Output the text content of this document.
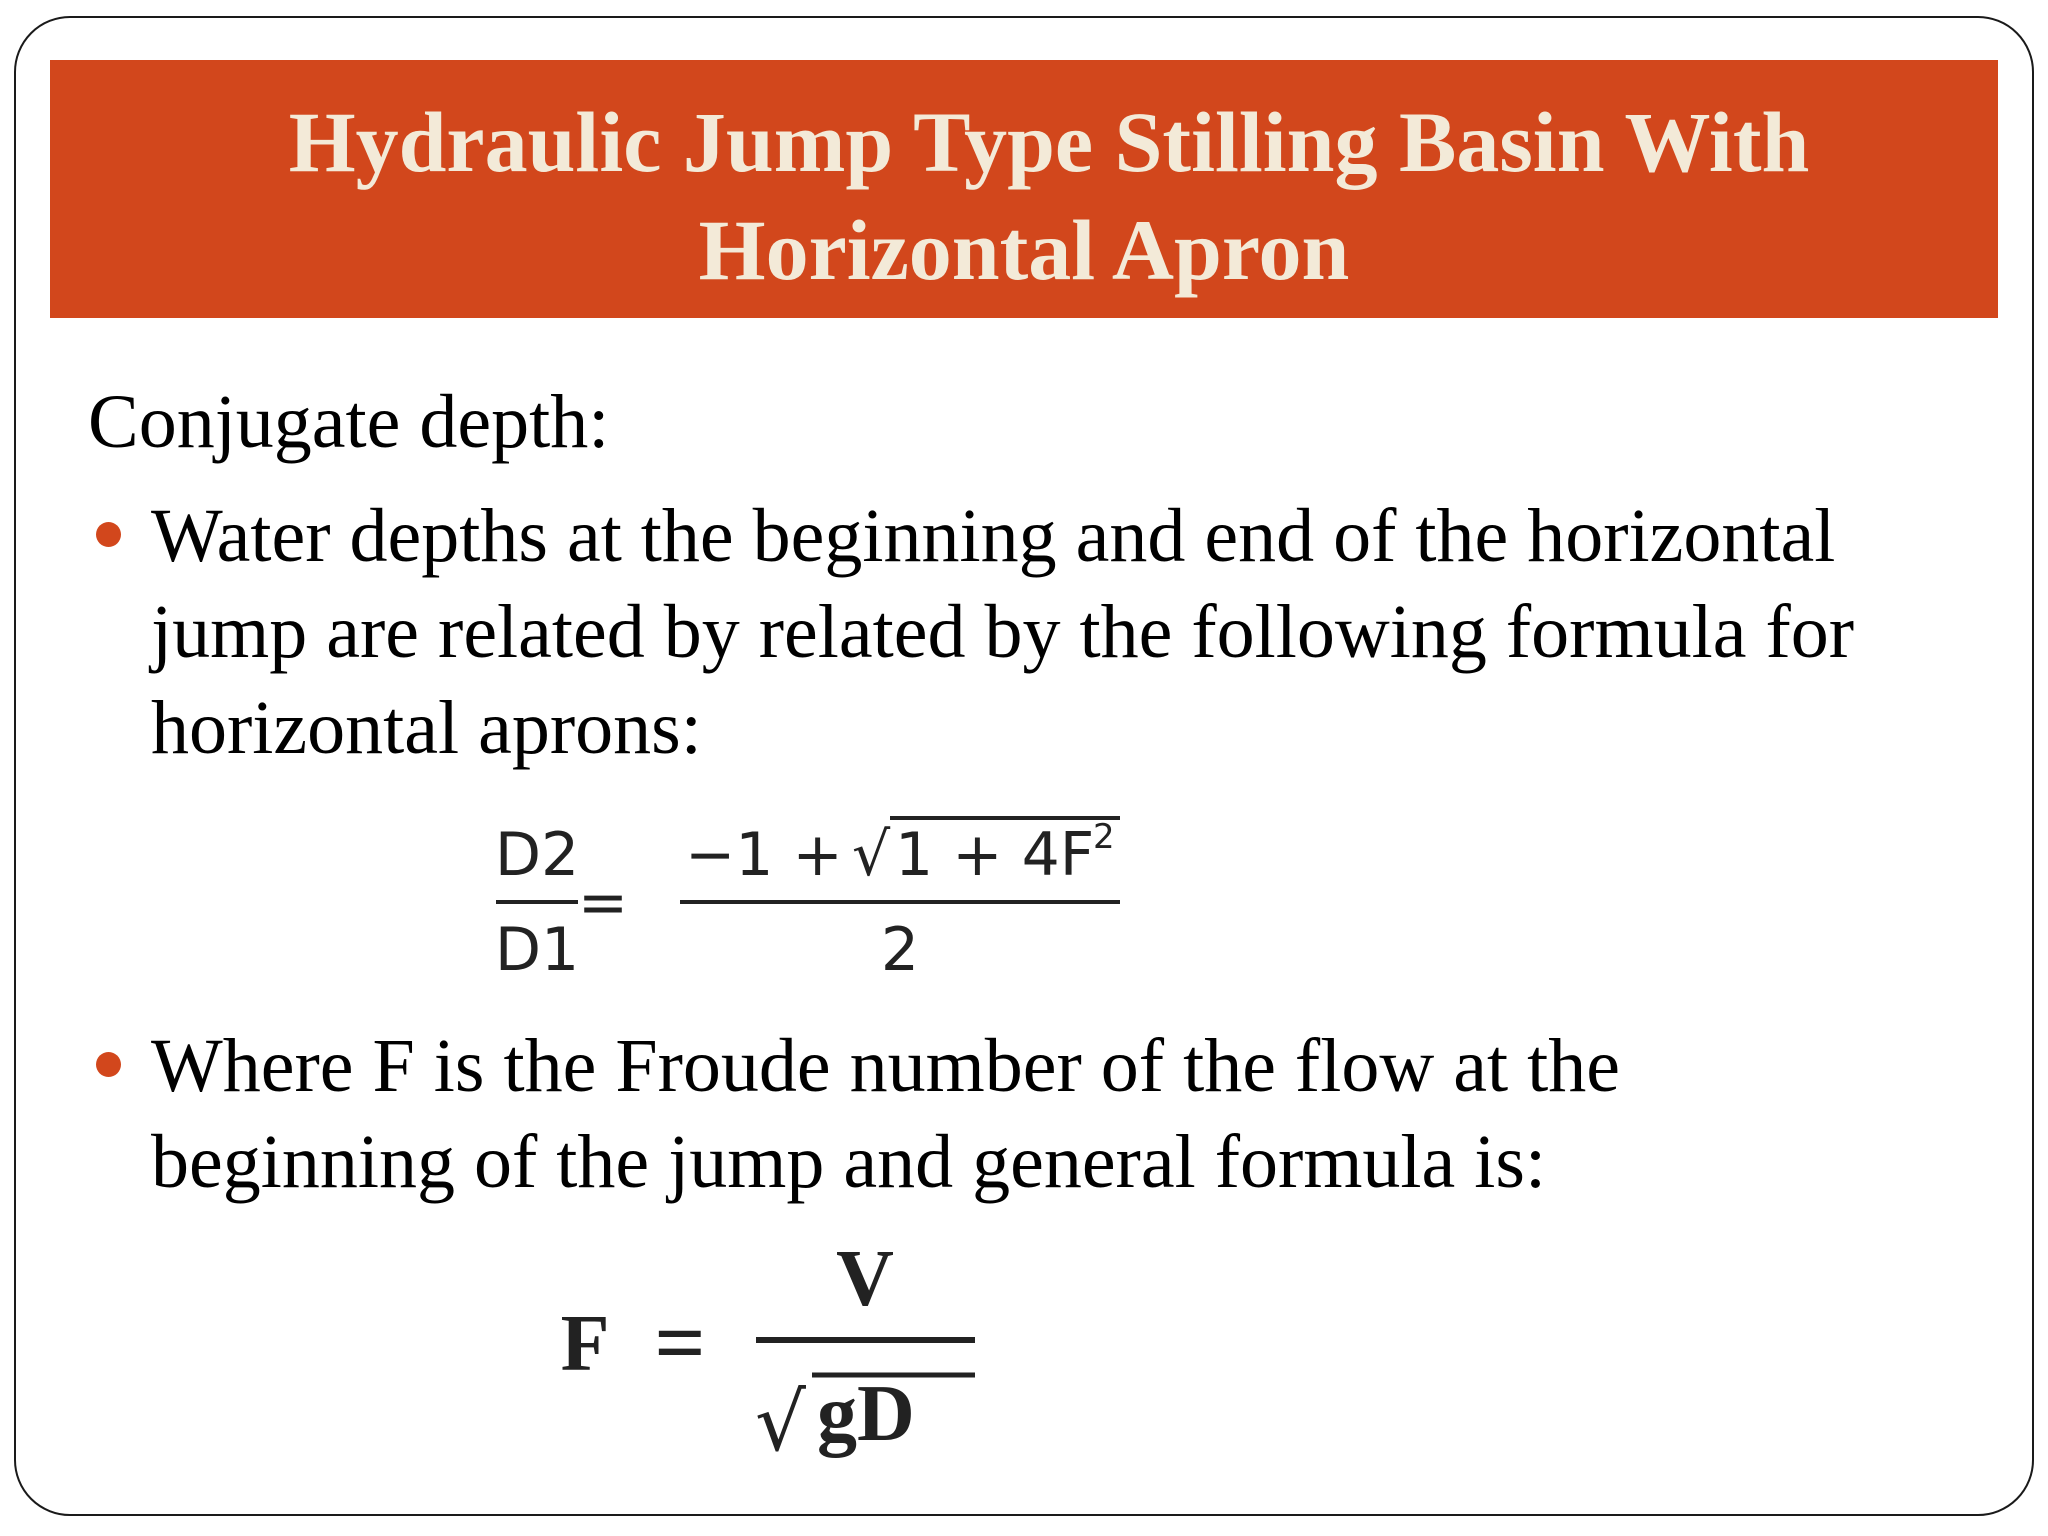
Hydraulic Jump Type Stilling Basin With
Horizontal Apron
Conjugate depth:
Water depths at the beginning and end of the horizontal
jump are related by related by the following formula for
horizontal aprons:
D2
D1
=
−1 + √ 1 + 4F
2
2
Where F is the Froude number of the flow at the
beginning of the jump and general formula is:
F =
V
√ gD
